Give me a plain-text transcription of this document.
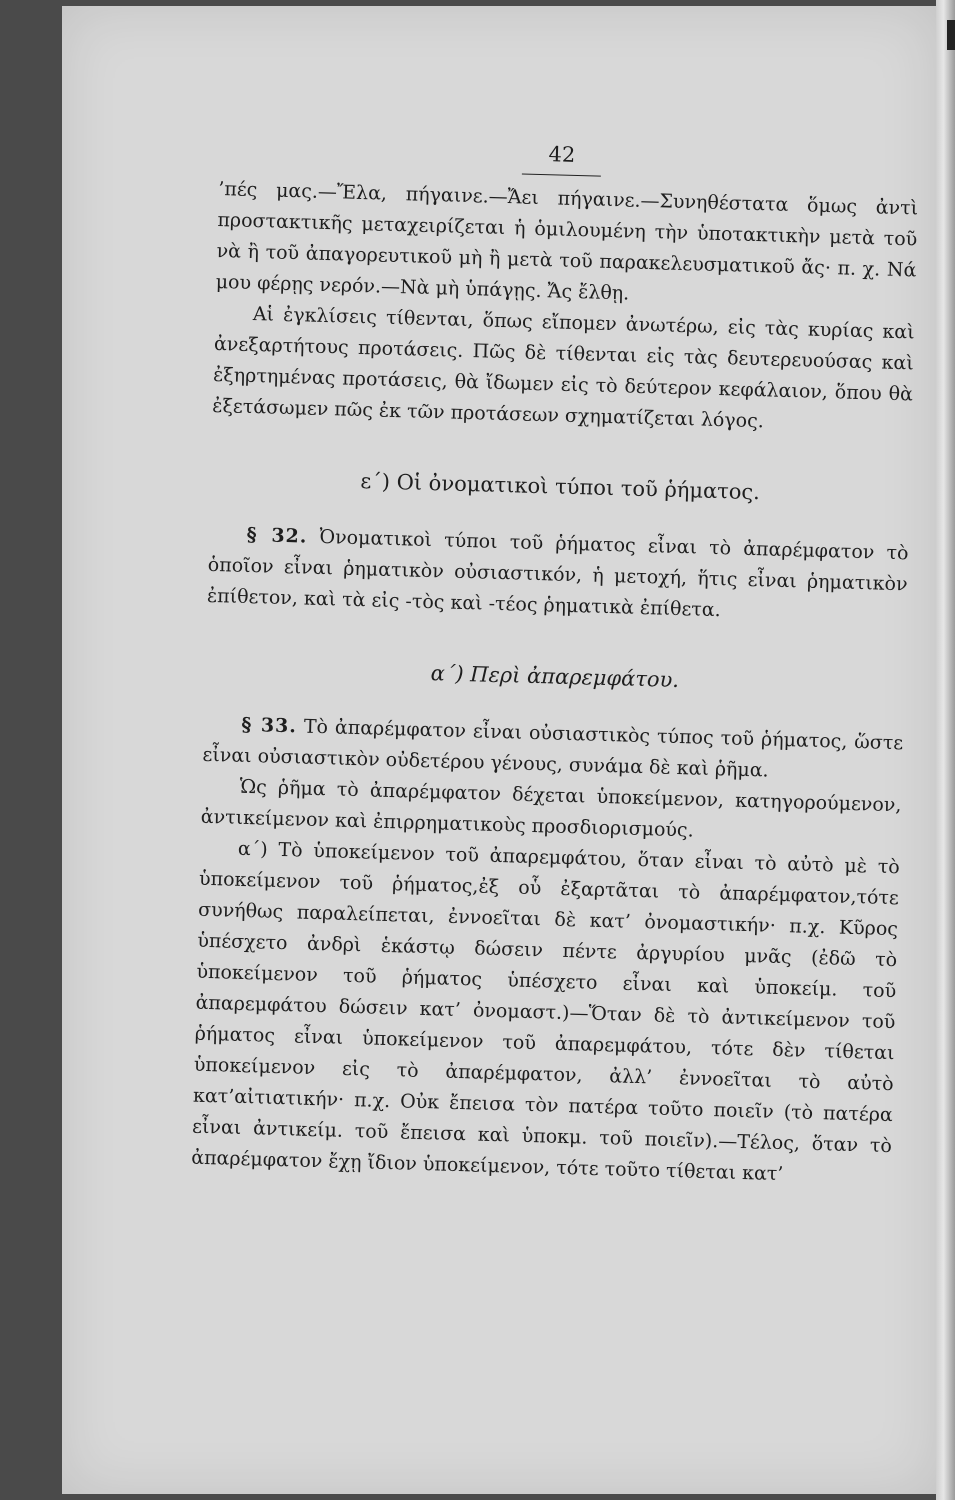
42

’πές μας.—Ἔλα, πήγαινε.—Ἄει πήγαινε.—Συνηθέστατα ὅμως ἀντὶ προστακτικῆς μεταχειρίζεται ἡ ὁμιλουμένη τὴν ὑποτακτικὴν μετὰ τοῦ νὰ ἢ τοῦ ἀπαγορευτικοῦ μὴ ἢ μετὰ τοῦ παρακελευσματικοῦ ἄς· π. χ. Νά μου φέρῃς νερόν.—Νὰ μὴ ὑπάγῃς. Ἄς ἔλθῃ.

Αἱ ἐγκλίσεις τίθενται, ὅπως εἴπομεν ἀνωτέρω, εἰς τὰς κυρίας καὶ ἀνεξαρτήτους προτάσεις. Πῶς δὲ τίθενται εἰς τὰς δευτερευούσας καὶ ἐξηρτημένας προτάσεις, θὰ ἴδωμεν εἰς τὸ δεύτερον κεφάλαιον, ὅπου θὰ ἐξετάσωμεν πῶς ἐκ τῶν προτάσεων σχηματίζεται λόγος.

ε΄) Οἱ ὀνοματικοὶ τύποι τοῦ ῥήματος.

§ 32. Ὀνοματικοὶ τύποι τοῦ ῥήματος εἶναι τὸ ἀπαρέμφατον τὸ ὁποῖον εἶναι ῥηματικὸν οὐσιαστικόν, ἡ μετοχή, ἥτις εἶναι ῥηματικὸν ἐπίθετον, καὶ τὰ εἰς -τὸς καὶ -τέος ῥηματικὰ ἐπίθετα.

α΄) Περὶ ἀπαρεμφάτου.

§ 33. Τὸ ἀπαρέμφατον εἶναι οὐσιαστικὸς τύπος τοῦ ῥήματος, ὥστε εἶναι οὐσιαστικὸν οὐδετέρου γένους, συνάμα δὲ καὶ ῥῆμα.

Ὡς ῥῆμα τὸ ἀπαρέμφατον δέχεται ὑποκείμενον, κατηγορούμενον, ἀντικείμενον καὶ ἐπιρρηματικοὺς προσδιορισμούς.

α΄) Τὸ ὑποκείμενον τοῦ ἀπαρεμφάτου, ὅταν εἶναι τὸ αὐτὸ μὲ τὸ ὑποκείμενον τοῦ ῥήματος,ἐξ οὗ ἐξαρτᾶται τὸ ἀπαρέμφατον,τότε συνήθως παραλείπεται, ἐννοεῖται δὲ κατ’ ὀνομαστικήν· π.χ. Κῦρος ὑπέσχετο ἀνδρὶ ἑκάστῳ δώσειν πέντε ἀργυρίου μνᾶς (ἐδῶ τὸ ὑποκείμενον τοῦ ῥήματος ὑπέσχετο εἶναι καὶ ὑποκείμ. τοῦ ἀπαρεμφάτου δώσειν κατ’ ὀνομαστ.)—Ὅταν δὲ τὸ ἀντικείμενον τοῦ ῥήματος εἶναι ὑποκείμενον τοῦ ἀπαρεμφάτου, τότε δὲν τίθεται ὑποκείμενον εἰς τὸ ἀπαρέμφατον, ἀλλ’ ἐννοεῖται τὸ αὐτὸ κατ’αἰτιατικήν· π.χ. Οὐκ ἔπεισα τὸν πατέρα τοῦτο ποιεῖν (τὸ πατέρα εἶναι ἀντικείμ. τοῦ ἔπεισα καὶ ὑποκμ. τοῦ ποιεῖν).—Τέλος, ὅταν τὸ ἀπαρέμφατον ἔχῃ ἴδιον ὑποκείμενον, τότε τοῦτο τίθεται κατ’
